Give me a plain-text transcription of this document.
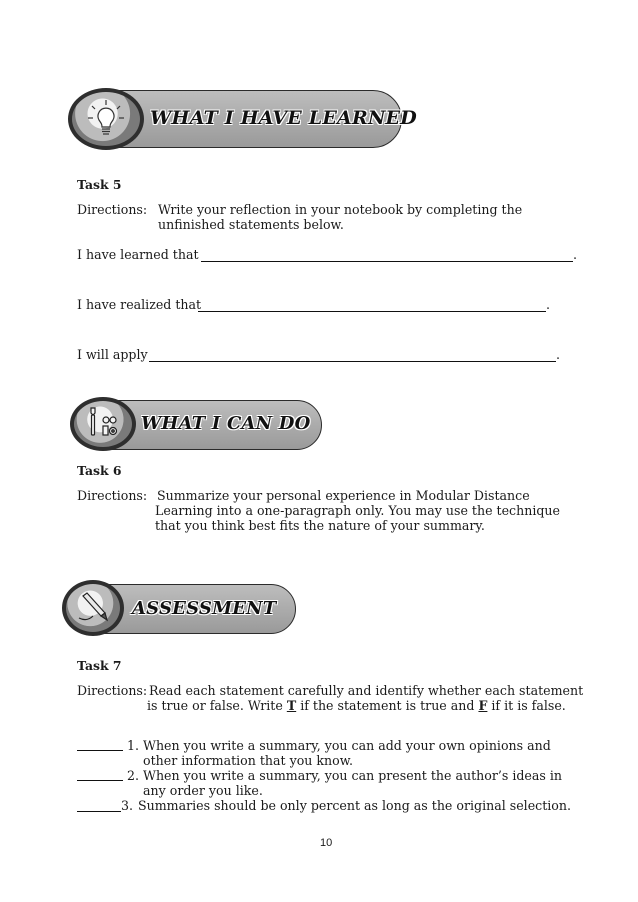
WHAT I HAVE LEARNED
Task 5
Directions: Write your reflection in your notebook by completing the
unfinished statements below.
I have learned that	.
I have realized that	.
I will apply	.
WHAT I CAN DO
Task 6
Directions: Summarize your personal experience in Modular Distance
Learning into a one-paragraph only. You may use the technique
that you think best fits the nature of your summary.
ASSESSMENT
Task 7
Directions: Read each statement carefully and identify whether each statement
is true or false. Write T if the statement is true and F if it is false.
1. When you write a summary, you can add your own opinions and
other information that you know.
2. When you write a summary, you can present the author’s ideas in
any order you like.
3. Summaries should be only percent as long as the original selection.
10
